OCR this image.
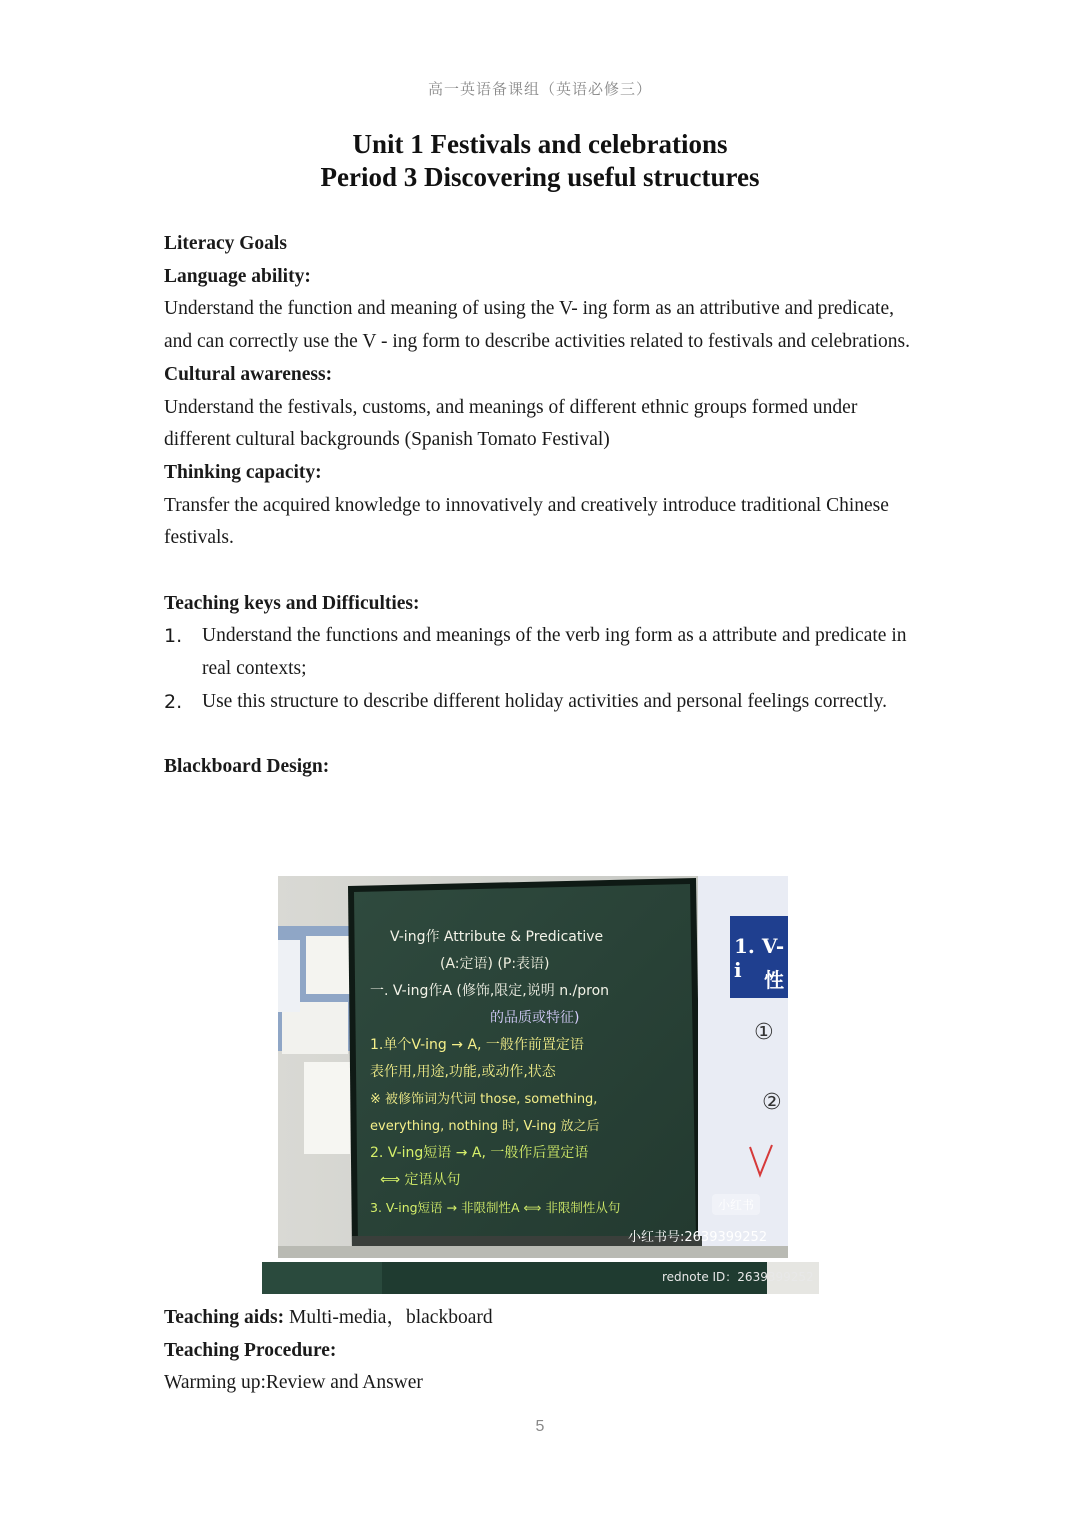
高一英语备课组（英语必修三）
Unit 1 Festivals and celebrations
Period 3 Discovering useful structures

Literacy Goals

Language ability:

Understand the function and meaning of using the V- ing form as an attributive and predicate, and can correctly use the V - ing form to describe activities related to festivals and celebrations.

Cultural awareness:

Understand the festivals, customs, and meanings of different ethnic groups formed under different cultural backgrounds (Spanish Tomato Festival)

Thinking capacity:

Transfer the acquired knowledge to innovatively and creatively introduce traditional Chinese festivals.

Teaching keys and Difficulties:

1. Understand the functions and meanings of the verb ing form as a attribute and predicate in real contexts;
2. Use this structure to describe different holiday activities and personal feelings correctly.

Blackboard Design:

V-ing作 Attribute & Predicative
(A:定语) (P:表语)
一. V-ing作A (修饰,限定,说明 n./pron
的品质或特征)
1.单个V-ing → A, 一般作前置定语
表作用,用途,功能,或动作,状态
※ 被修饰词为代词 those, something,
everything, nothing 时, V-ing 放之后
2. V-ing短语 → A, 一般作后置定语
⟺ 定语从句
3. V-ing短语 → 非限制性A ⟺ 非限制性从句
1. V-i	性
①
②
小红书
小红书号:2639399252
rednote ID：2639399252

Teaching aids: Multi-media，blackboard

Teaching Procedure:

Warming up:Review and Answer

5
